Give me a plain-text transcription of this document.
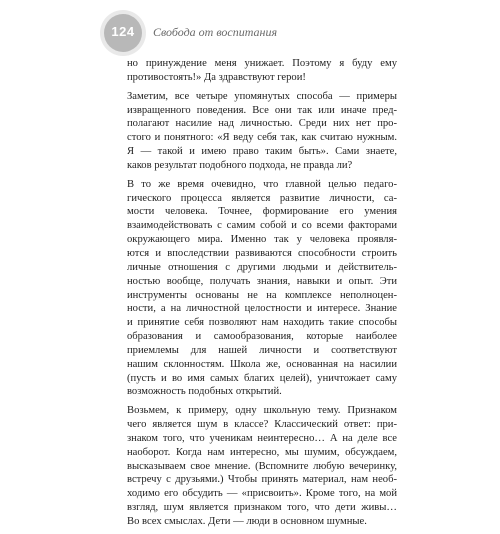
124	Свобода от воспитания

но принуждение меня унижает. Поэтому я буду ему
противостоять!» Да здравствуют герои!

Заметим, все четыре упомянутых способа — примеры
извращенного поведения. Все они так или иначе пред-
полагают насилие над личностью. Среди них нет про-
стого и понятного: «Я веду себя так, как считаю нужным.
Я — такой и имею право таким быть». Сами знаете,
каков результат подобного подхода, не правда ли?

В то же время очевидно, что главной целью педаго-
гического процесса является развитие личности, са-
мости человека. Точнее, формирование его умения
взаимодействовать с самим собой и со всеми факторами
окружающего мира. Именно так у человека проявля-
ются и впоследствии развиваются способности строить
личные отношения с другими людьми и действитель-
ностью вообще, получать знания, навыки и опыт. Эти
инструменты основаны не на комплексе неполноцен-
ности, а на личностной целостности и интересе. Знание
и принятие себя позволяют нам находить такие способы
образования и самообразования, которые наиболее
приемлемы для нашей личности и соответствуют
нашим склонностям. Школа же, основанная на насилии
(пусть и во имя самых благих целей), уничтожает саму
возможность подобных открытий.

Возьмем, к примеру, одну школьную тему. Признаком
чего является шум в классе? Классический ответ: при-
знаком того, что ученикам неинтересно… А на деле все
наоборот. Когда нам интересно, мы шумим, обсуждаем,
высказываем свое мнение. (Вспомните любую вечеринку,
встречу с друзьями.) Чтобы принять материал, нам необ-
ходимо его обсудить — «присвоить». Кроме того, на мой
взгляд, шум является признаком того, что дети живы…
Во всех смыслах. Дети — люди в основном шумные.
